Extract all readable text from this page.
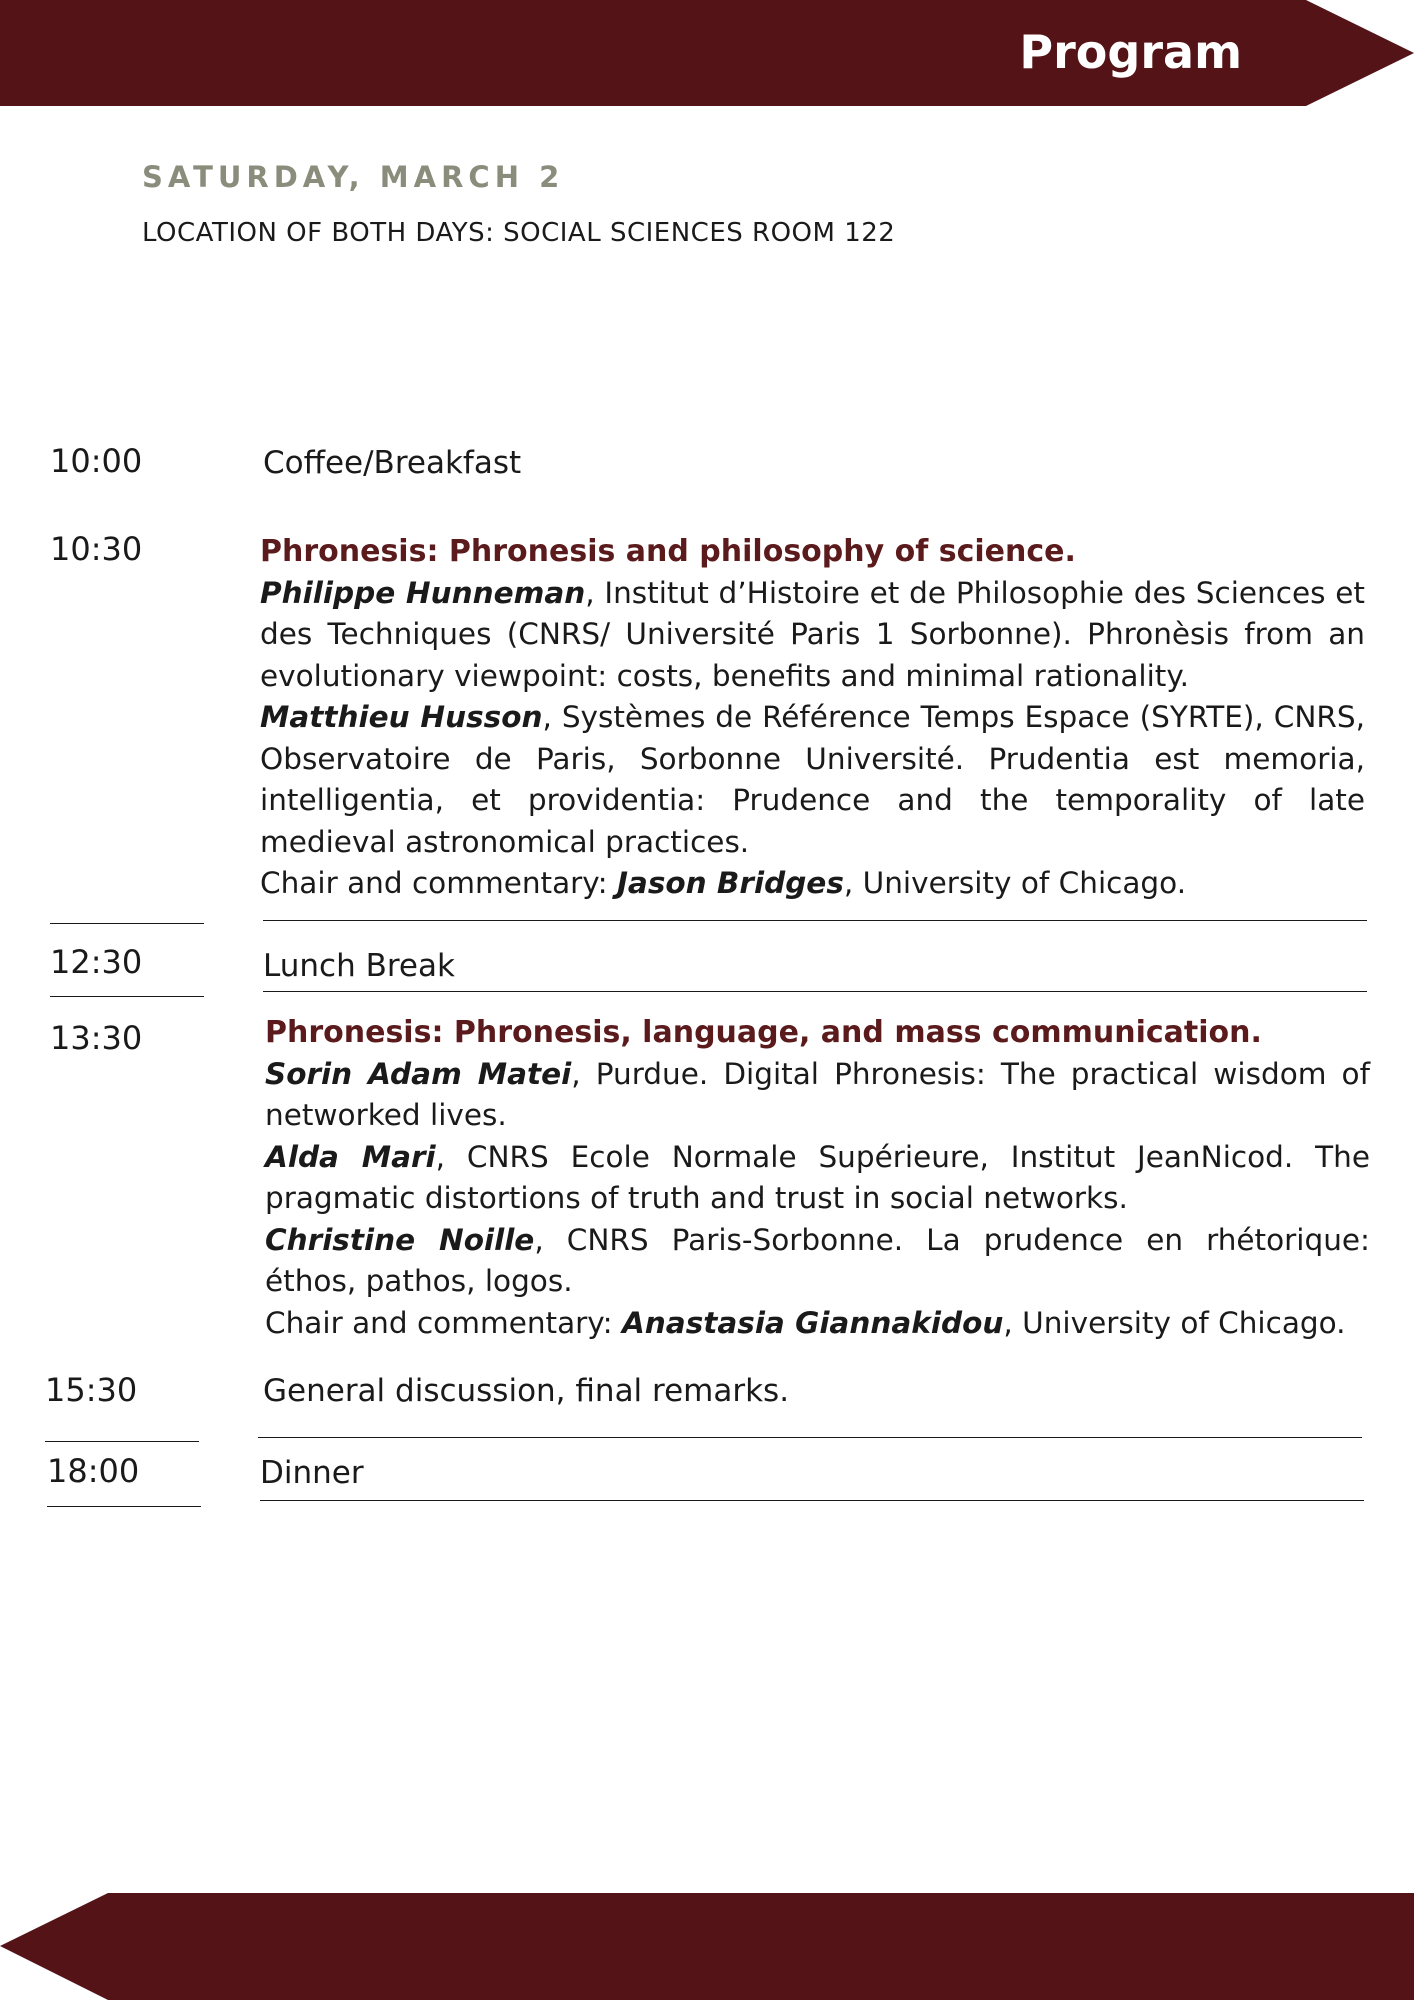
Program
SATURDAY, MARCH 2
LOCATION OF BOTH DAYS: SOCIAL SCIENCES ROOM 122
10:00	Coffee/Breakfast
10:30	Phronesis: Phronesis and philosophy of science.

Philippe Hunneman, Institut d’Histoire et de Philosophie des Sciences et des Techniques (CNRS/ Université Paris 1 Sorbonne). Phronèsis from an evolutionary viewpoint: costs, benefits and minimal rationality.

Matthieu Husson, Systèmes de Référence Temps Espace (SYRTE), CNRS, Observatoire de Paris, Sorbonne Université. Prudentia est memoria, intelligentia, et providentia: Prudence and the temporality of late medieval astronomical practices.

Chair and commentary: Jason Bridges, University of Chicago.

12:30	Lunch Break
13:30	Phronesis: Phronesis, language, and mass communication.

Sorin Adam Matei, Purdue. Digital Phronesis: The practical wisdom of networked lives.

Alda Mari, CNRS Ecole Normale Supérieure, Institut JeanNicod. The pragmatic distortions of truth and trust in social networks.

Christine Noille, CNRS Paris-Sorbonne. La prudence en rhétorique: éthos, pathos, logos.

Chair and commentary: Anastasia Giannakidou, University of Chicago.

15:30	General discussion, final remarks.
18:00	Dinner
